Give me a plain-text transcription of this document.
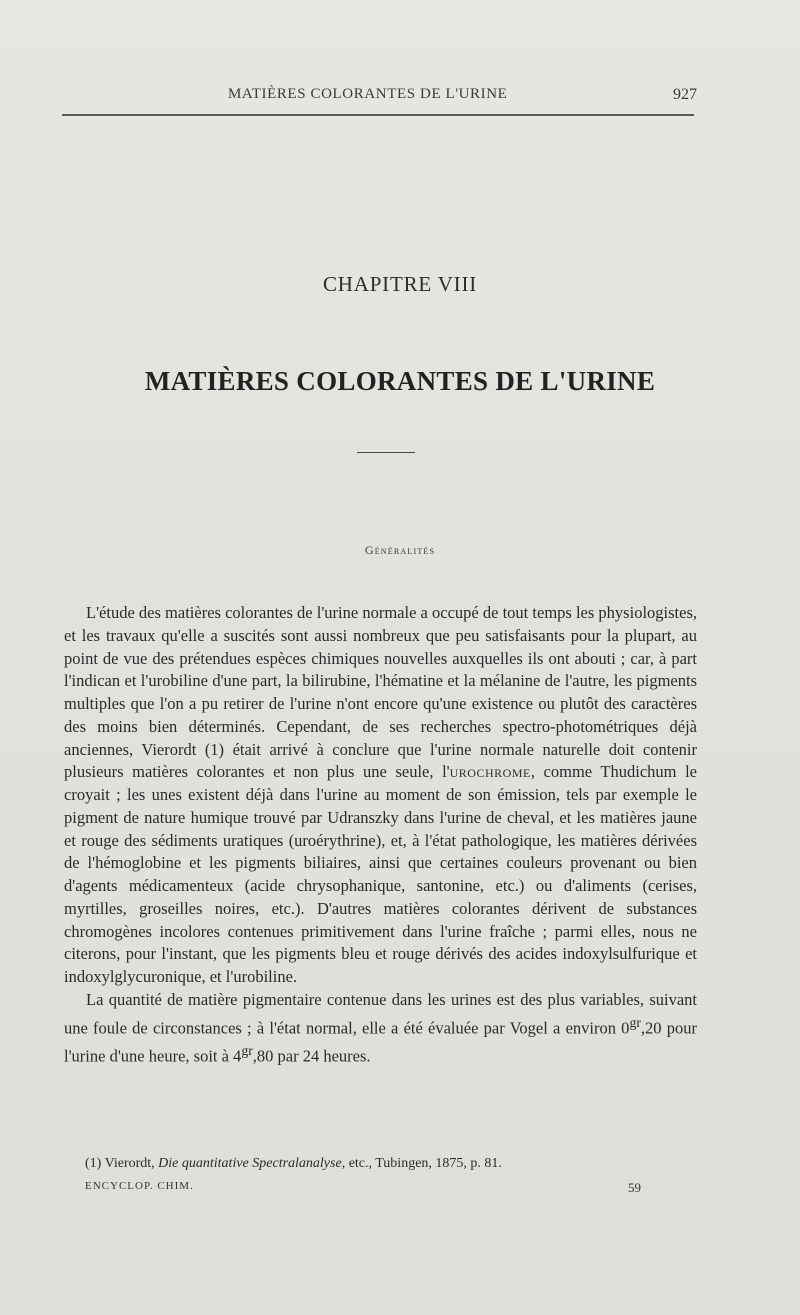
MATIÈRES COLORANTES DE L'URINE	927
CHAPITRE VIII
MATIÈRES COLORANTES DE L'URINE
Généralités

L'étude des matières colorantes de l'urine normale a occupé de tout temps les physiologistes, et les travaux qu'elle a suscités sont aussi nombreux que peu satisfaisants pour la plupart, au point de vue des prétendues espèces chimiques nouvelles auxquelles ils ont abouti ; car, à part l'indican et l'urobiline d'une part, la bilirubine, l'hématine et la mélanine de l'autre, les pigments multiples que l'on a pu retirer de l'urine n'ont encore qu'une existence ou plutôt des caractères des moins bien déterminés. Cependant, de ses recherches spectro-photométriques déjà anciennes, Vierordt (1) était arrivé à conclure que l'urine normale naturelle doit contenir plusieurs matières colorantes et non plus une seule, l'urochrome, comme Thudichum le croyait ; les unes existent déjà dans l'urine au moment de son émission, tels par exemple le pigment de nature humique trouvé par Udranszky dans l'urine de cheval, et les matières jaune et rouge des sédiments uratiques (uroérythrine), et, à l'état pathologique, les matières dérivées de l'hémoglobine et les pigments biliaires, ainsi que certaines couleurs provenant ou bien d'agents médicamenteux (acide chrysophanique, santonine, etc.) ou d'aliments (cerises, myrtilles, groseilles noires, etc.). D'autres matières colorantes dérivent de substances chromogènes incolores contenues primitivement dans l'urine fraîche ; parmi elles, nous ne citerons, pour l'instant, que les pigments bleu et rouge dérivés des acides indoxylsulfurique et indoxylglycuronique, et l'urobiline.

La quantité de matière pigmentaire contenue dans les urines est des plus variables, suivant une foule de circonstances ; à l'état normal, elle a été évaluée par Vogel a environ $0^{gr},20$ pour l'urine d'une heure, soit à $4^{gr},80$ par 24 heures.

(1) Vierordt, Die quantitative Spectralanalyse, etc., Tubingen, 1875, p. 81.
ENCYCLOP. CHIM.	59
